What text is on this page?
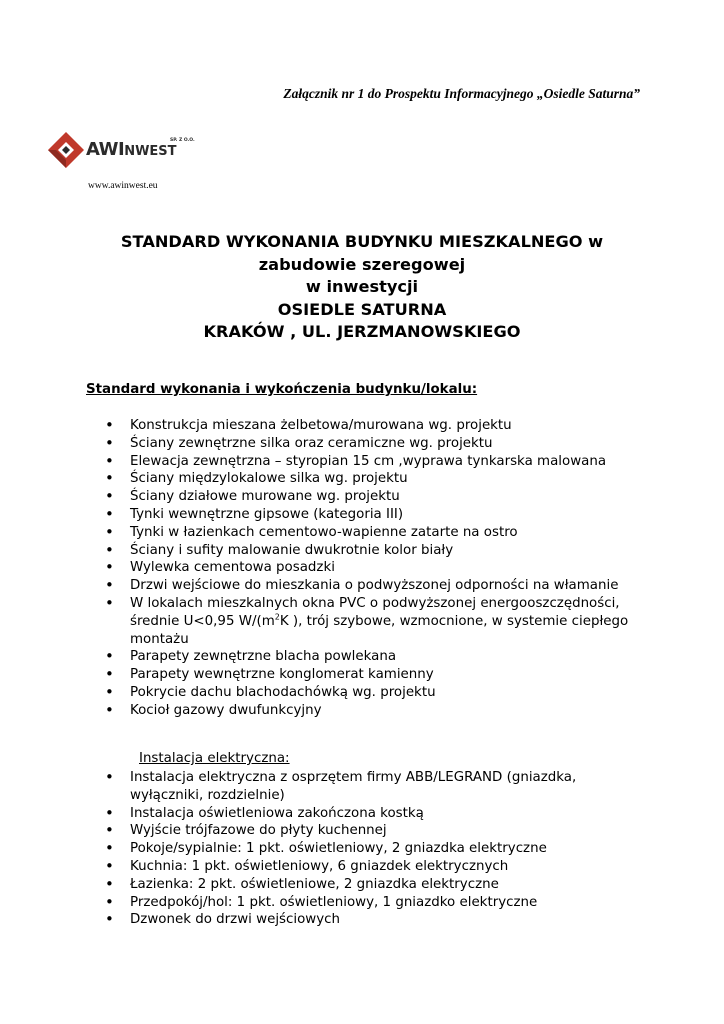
Załącznik nr 1 do Prospektu Informacyjnego „Osiedle Saturna”
AWINWEST
SP. Z O.O.
www.awinwest.eu
STANDARD WYKONANIA BUDYNKU MIESZKALNEGO w
zabudowie szeregowej
w inwestycji
OSIEDLE SATURNA
KRAKÓW , UL. JERZMANOWSKIEGO
Standard wykonania i wykończenia budynku/lokalu:
• Konstrukcja mieszana żelbetowa/murowana wg. projektu
• Ściany zewnętrzne silka oraz ceramiczne wg. projektu
• Elewacja zewnętrzna – styropian 15 cm ,wyprawa tynkarska malowana
• Ściany międzylokalowe silka wg. projektu
• Ściany działowe murowane wg. projektu
• Tynki wewnętrzne gipsowe (kategoria III)
• Tynki w łazienkach cementowo-wapienne zatarte na ostro
• Ściany i sufity malowanie dwukrotnie kolor biały
• Wylewka cementowa posadzki
• Drzwi wejściowe do mieszkania o podwyższonej odporności na włamanie
• W lokalach mieszkalnych okna PVC o podwyższonej energooszczędności, średnie U<0,95 $W/(m^2K$ ), trój szybowe, wzmocnione, w systemie ciepłego montażu
• Parapety zewnętrzne blacha powlekana
• Parapety wewnętrzne konglomerat kamienny
• Pokrycie dachu blachodachówką wg. projektu
• Kocioł gazowy dwufunkcyjny
Instalacja elektryczna:
• Instalacja elektryczna z osprzętem firmy ABB/LEGRAND (gniazdka, wyłączniki, rozdzielnie)
• Instalacja oświetleniowa zakończona kostką
• Wyjście trójfazowe do płyty kuchennej
• Pokoje/sypialnie: 1 pkt. oświetleniowy, 2 gniazdka elektryczne
• Kuchnia: 1 pkt. oświetleniowy, 6 gniazdek elektrycznych
• Łazienka: 2 pkt. oświetleniowe, 2 gniazdka elektryczne
• Przedpokój/hol: 1 pkt. oświetleniowy, 1 gniazdko elektryczne
• Dzwonek do drzwi wejściowych
